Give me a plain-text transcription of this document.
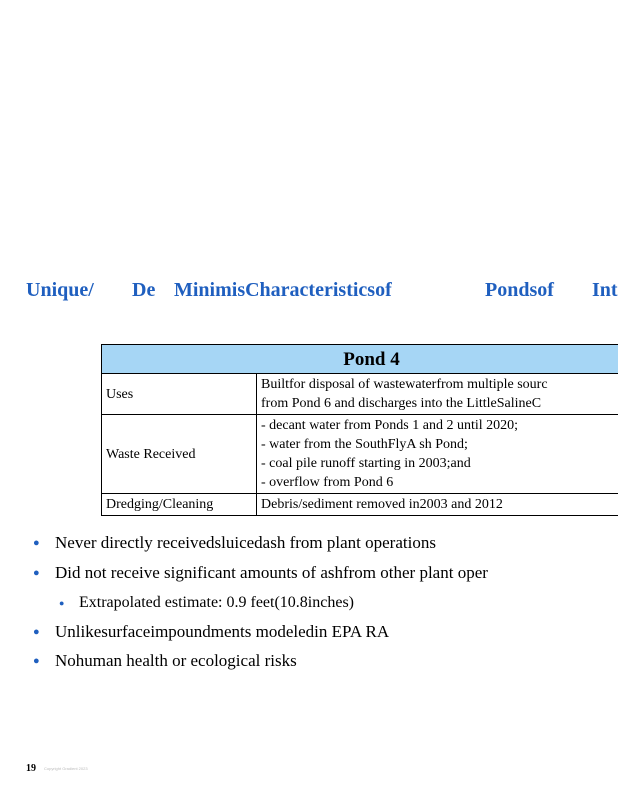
Unique/ De MinimisCharacteristicsof	Pondsof Int
Pond 4	
Uses	Builtfor disposal of wastewaterfrom multiple sourc
from Pond 6 and discharges into the LittleSalineC

Waste Received	- decant water from Ponds 1 and 2 until 2020;
- water from the SouthFlyA sh Pond;
- coal pile runoff starting in 2003;and
- overflow from Pond 6

Dredging/Cleaning	Debris/sediment removed in2003 and 2012
● Never directly receivedsluicedash from plant operations
● Did not receive significant amounts of ashfrom other plant oper
● Extrapolated estimate: 0.9 feet(10.8inches)
● Unlikesurfaceimpoundments modeledin EPA RA
● Nohuman health or ecological risks
19 Copyright Gradient 2023
